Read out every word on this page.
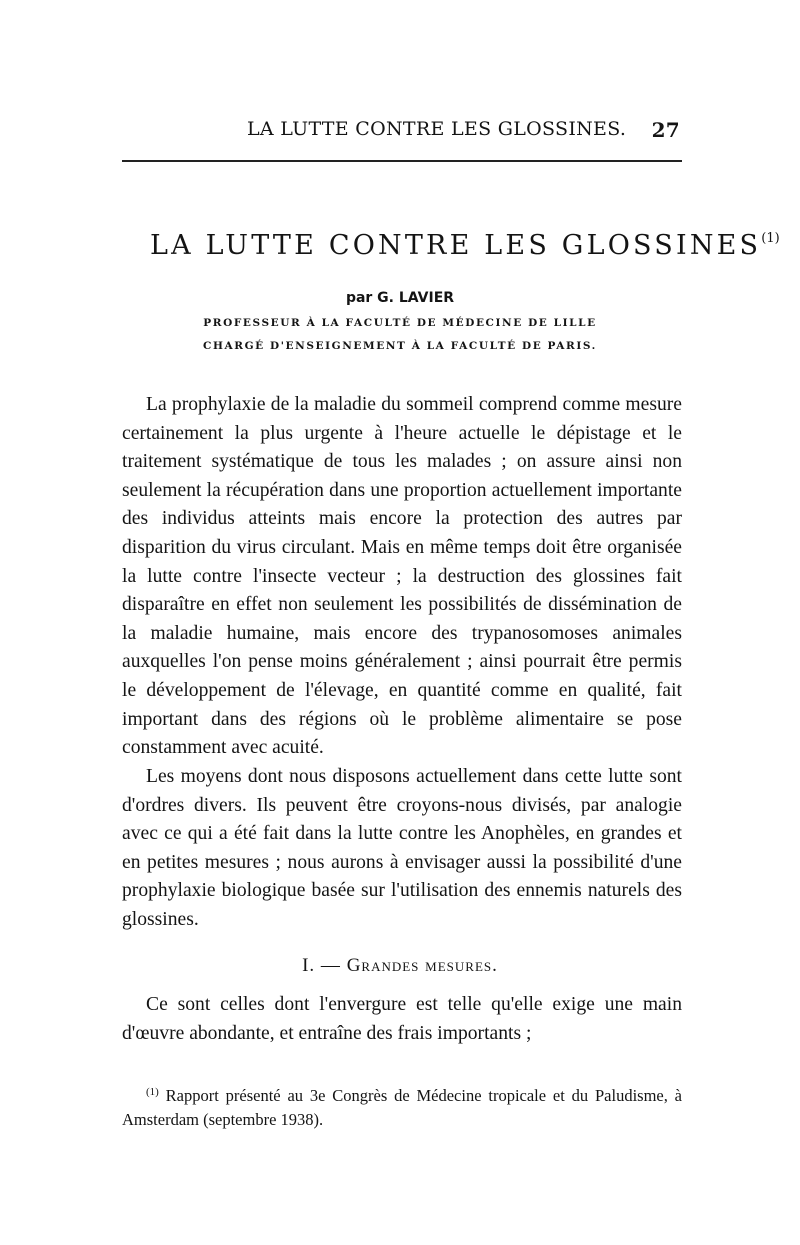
LA LUTTE CONTRE LES GLOSSINES. 27
LA LUTTE CONTRE LES GLOSSINES$^{(1)}$
par G. LAVIER
PROFESSEUR À LA FACULTÉ DE MÉDECINE DE LILLE
CHARGÉ D'ENSEIGNEMENT À LA FACULTÉ DE PARIS.

La prophylaxie de la maladie du sommeil comprend comme mesure certainement la plus urgente à l'heure actuelle le dépistage et le traitement systématique de tous les malades ; on assure ainsi non seulement la récupération dans une proportion actuellement importante des individus atteints mais encore la protection des autres par disparition du virus circulant. Mais en même temps doit être organisée la lutte contre l'insecte vecteur ; la destruction des glossines fait disparaître en effet non seulement les possibilités de dissémination de la maladie humaine, mais encore des trypanosomoses animales auxquelles l'on pense moins généralement ; ainsi pourrait être permis le développement de l'élevage, en quantité comme en qualité, fait important dans des régions où le problème alimentaire se pose constamment avec acuité.

Les moyens dont nous disposons actuellement dans cette lutte sont d'ordres divers. Ils peuvent être croyons-nous divisés, par analogie avec ce qui a été fait dans la lutte contre les Anophèles, en grandes et en petites mesures ; nous aurons à envisager aussi la possibilité d'une prophylaxie biologique basée sur l'utilisation des ennemis naturels des glossines.

I. — Grandes mesures.

Ce sont celles dont l'envergure est telle qu'elle exige une main d'œuvre abondante, et entraîne des frais importants ;

$^{(1)}$ Rapport présenté au 3e Congrès de Médecine tropicale et du Paludisme, à Amsterdam (septembre 1938).
